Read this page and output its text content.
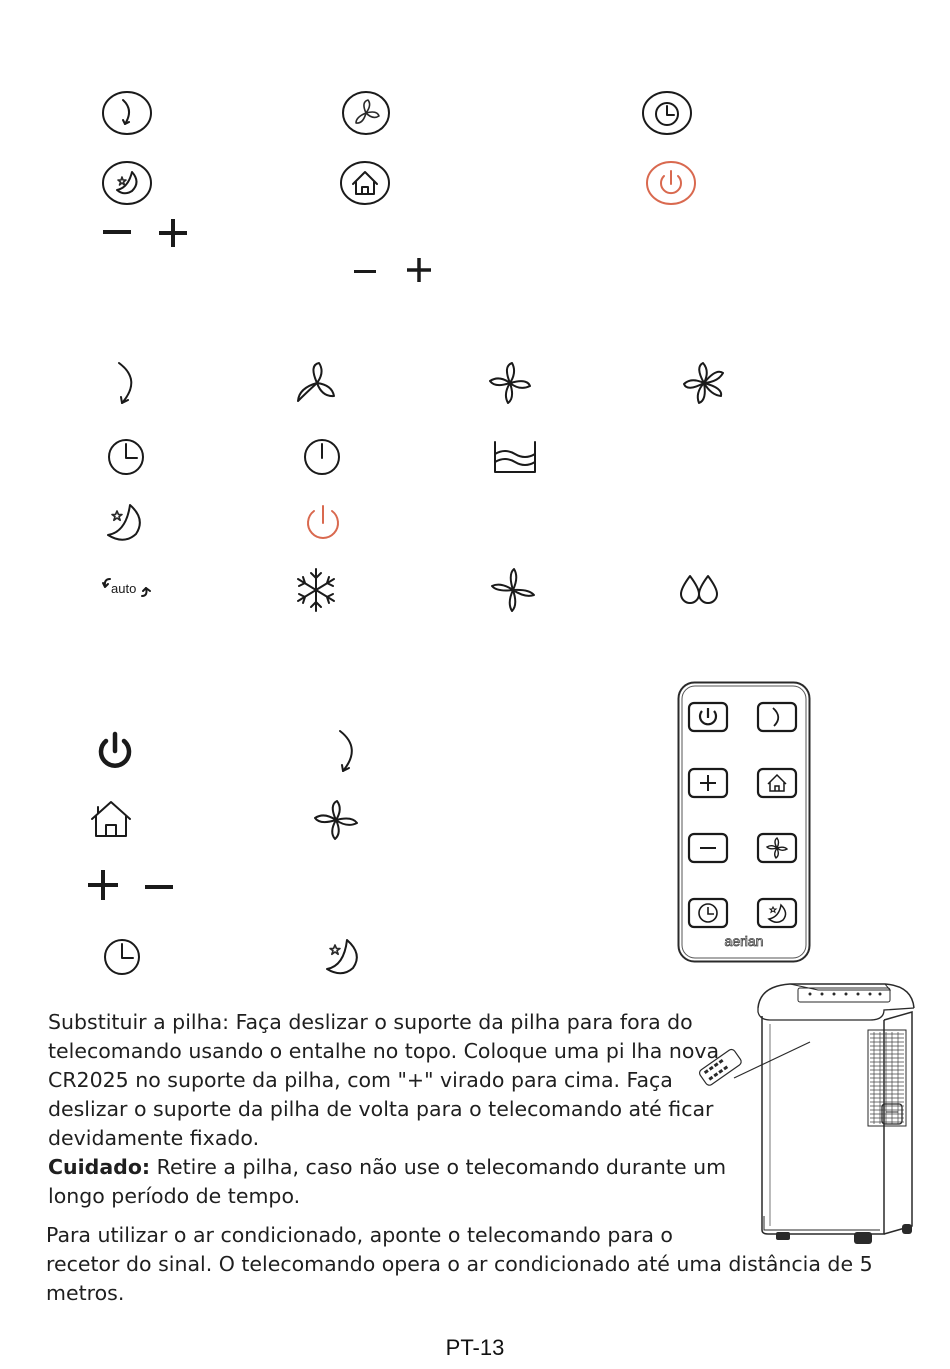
auto
aerian
Substituir a pilha: Faça deslizar o suporte da pilha para fora do
telecomando usando o entalhe no topo. Coloque uma pi lha nova
CR2025 no suporte da pilha, com "+" virado para cima. Faça
deslizar o suporte da pilha de volta para o telecomando até ficar
devidamente fixado.
Cuidado: Retire a pilha, caso não use o telecomando durante um
longo período de tempo.
Para utilizar o ar condicionado, aponte o telecomando para o
recetor do sinal. O telecomando opera o ar condicionado até uma distância de 5
metros.
PT-13
